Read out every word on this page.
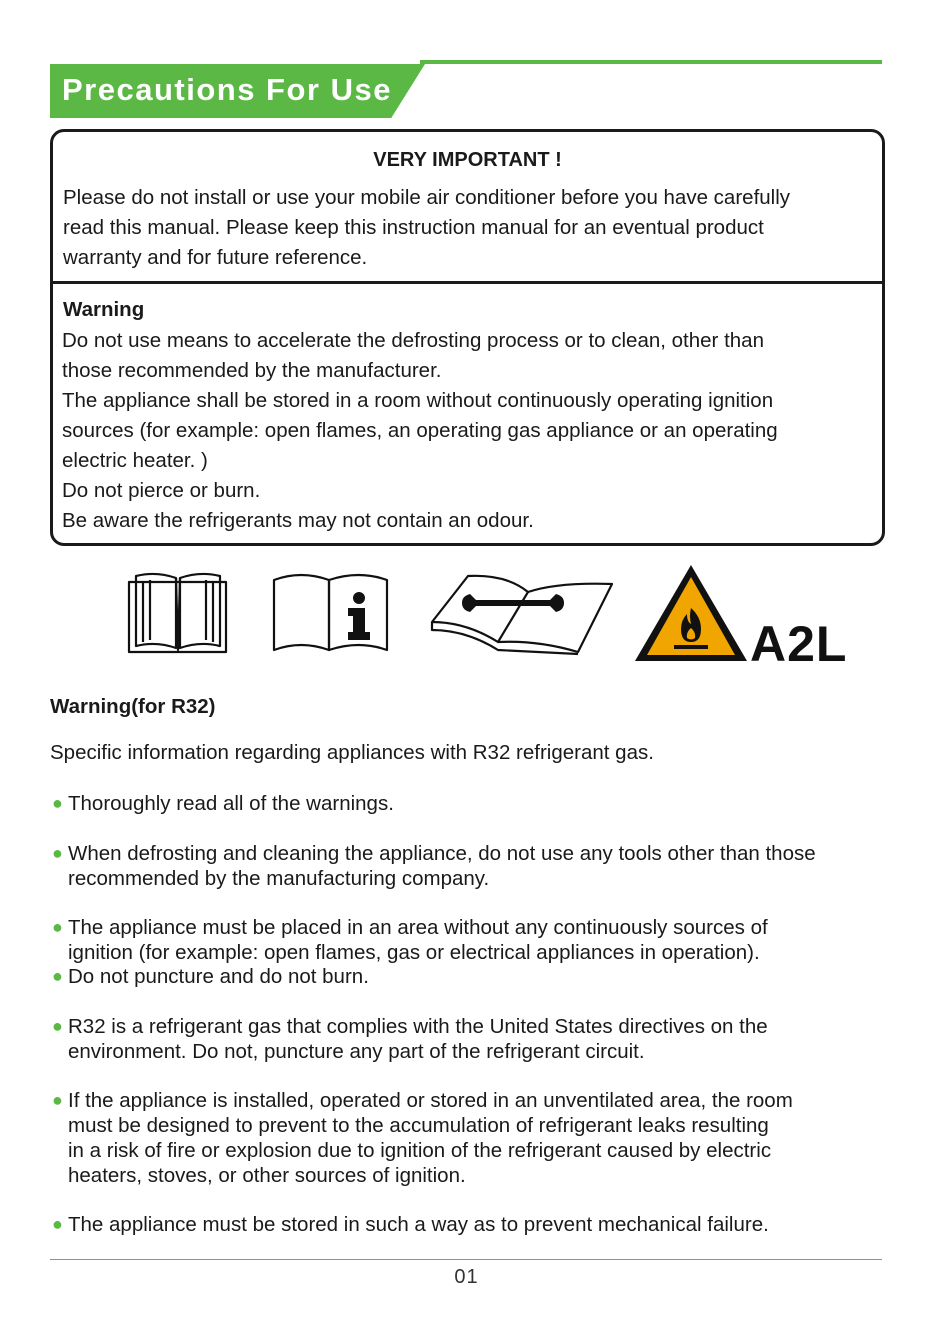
Precautions For Use
VERY IMPORTANT !

Please do not install or use your mobile air conditioner before you have carefully
read this manual. Please keep this instruction manual for an eventual product
warranty and for future reference.

Warning
Do not use means to accelerate the defrosting process or to clean, other than
those recommended by the manufacturer.
The appliance shall be stored in a room without continuously operating ignition
sources (for example: open flames, an operating gas appliance or an operating
electric heater. )
Do not pierce or burn.
Be aware the refrigerants may not contain an odour.
A2L
Warning(for R32)
Specific information regarding appliances with R32 refrigerant gas.
● Thoroughly read all of the warnings.
● When defrosting and cleaning the appliance, do not use any tools other than those
recommended by the manufacturing company.
● The appliance must be placed in an area without any continuously sources of
ignition (for example: open flames, gas or electrical appliances in operation).
● Do not puncture and do not burn.
● R32 is a refrigerant gas that complies with the United States directives on the
environment. Do not, puncture any part of the refrigerant circuit.
● If the appliance is installed, operated or stored in an unventilated area, the room
must be designed to prevent to the accumulation of refrigerant leaks resulting
in a risk of fire or explosion due to ignition of the refrigerant caused by electric
heaters, stoves, or other sources of ignition.
● The appliance must be stored in such a way as to prevent mechanical failure.
01
